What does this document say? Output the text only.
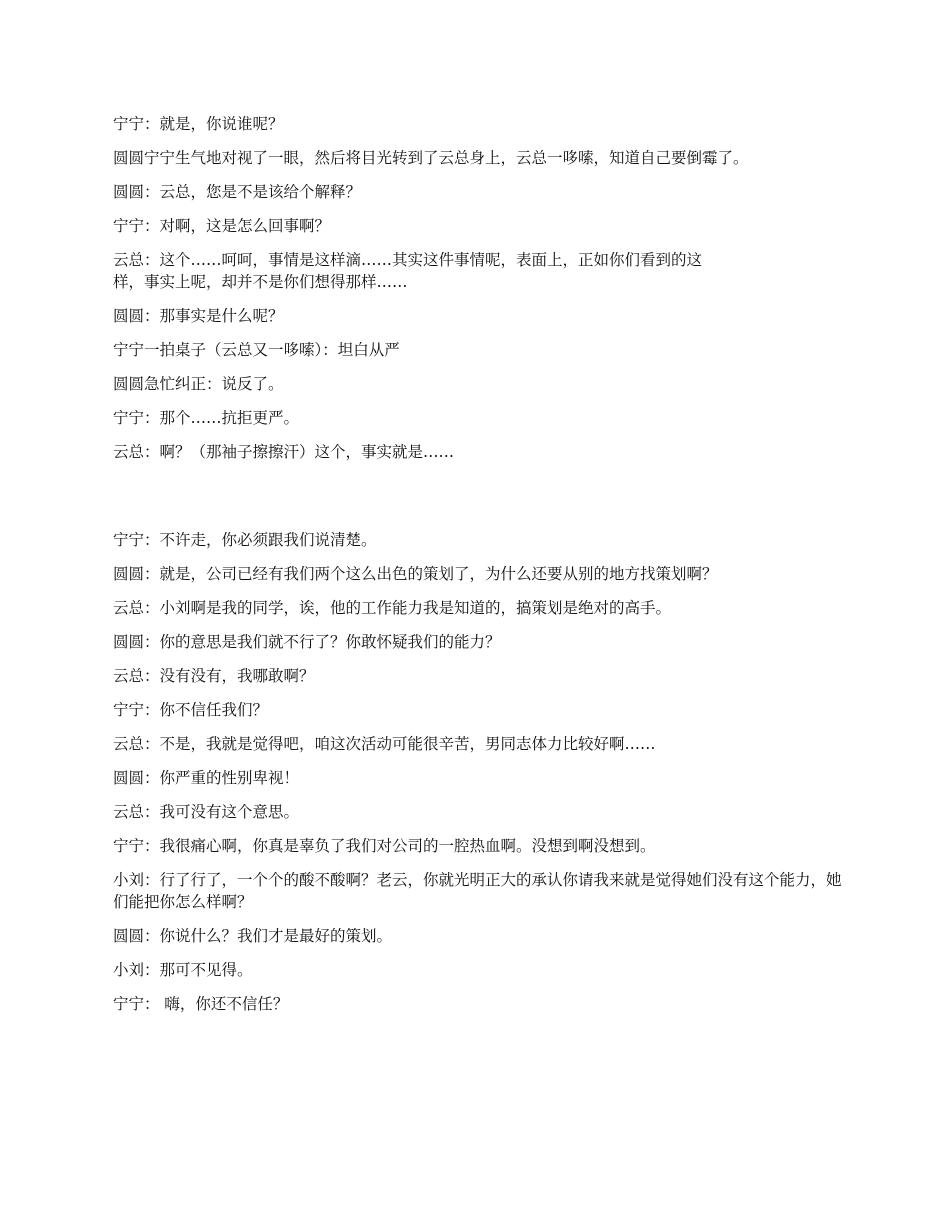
宁宁：就是，你说谁呢？

圆圆宁宁生气地对视了一眼，然后将目光转到了云总身上，云总一哆嗦，知道自己要倒霉了。

圆圆：云总，您是不是该给个解释？

宁宁：对啊，这是怎么回事啊？

云总：这个……呵呵，事情是这样滴……其实这件事情呢，表面上，正如你们看到的这
样，事实上呢，却并不是你们想得那样……

圆圆：那事实是什么呢？

宁宁一拍桌子（云总又一哆嗦）：坦白从严

圆圆急忙纠正：说反了。

宁宁：那个……抗拒更严。

云总：啊？（那袖子擦擦汗）这个，事实就是……

宁宁：不许走，你必须跟我们说清楚。

圆圆：就是，公司已经有我们两个这么出色的策划了，为什么还要从别的地方找策划啊？

云总：小刘啊是我的同学，诶，他的工作能力我是知道的，搞策划是绝对的高手。

圆圆：你的意思是我们就不行了？你敢怀疑我们的能力？

云总：没有没有，我哪敢啊？

宁宁：你不信任我们？

云总：不是，我就是觉得吧，咱这次活动可能很辛苦，男同志体力比较好啊……

圆圆：你严重的性别卑视！

云总：我可没有这个意思。

宁宁：我很痛心啊，你真是辜负了我们对公司的一腔热血啊。没想到啊没想到。

小刘：行了行了，一个个的酸不酸啊？老云，你就光明正大的承认你请我来就是觉得她们没有这个能力，她们能把你怎么样啊？

圆圆：你说什么？我们才是最好的策划。

小刘：那可不见得。

宁宁： 嗨，你还不信任？
